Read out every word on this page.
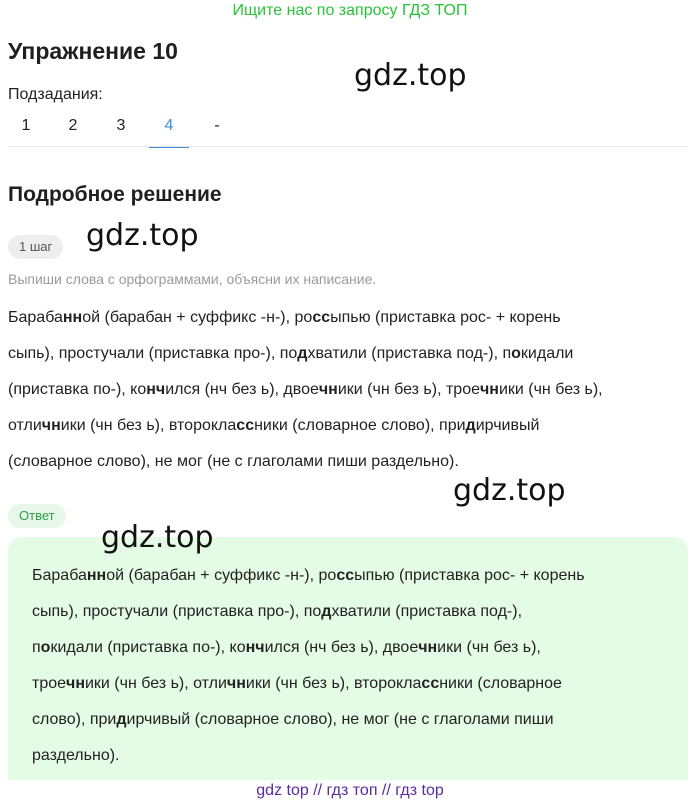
Ищите нас по запросу ГДЗ ТОП
Упражнение 10
gdz.top
Подзадания:
1	2	3	4	-
Подробное решение
gdz.top
1 шаг
Выпиши слова с орфограммами, объясни их написание.
Барабанной (барабан + суффикс -н-), россыпью (приставка рос- + корень
сыпь), простучали (приставка про-), подхватили (приставка под-), покидали
(приставка по-), кончился (нч без ь), двоечники (чн без ь), троечники (чн без ь),
отличники (чн без ь), второклассники (словарное слово), придирчивый
(словарное слово), не мог (не с глаголами пиши раздельно).
gdz.top
Ответ
Барабанной (барабан + суффикс -н-), россыпью (приставка рос- + корень
сыпь), простучали (приставка про-), подхватили (приставка под-),
покидали (приставка по-), кончился (нч без ь), двоечники (чн без ь),
троечники (чн без ь), отличники (чн без ь), второклассники (словарное
слово), придирчивый (словарное слово), не мог (не с глаголами пиши
раздельно).
gdz.top
gdz top // гдз топ // гдз top
